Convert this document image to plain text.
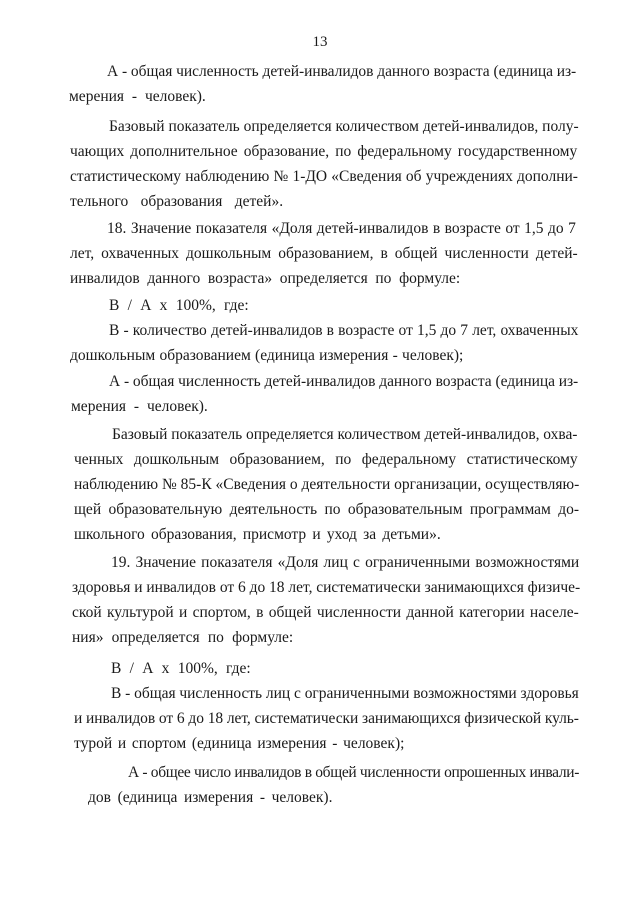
13
А - общая численность детей-инвалидов данного возраста (единица из-
мерения - человек).
Базовый показатель определяется количеством детей-инвалидов, полу-
чающих дополнительное образование, по федеральному государственному
статистическому наблюдению № 1-ДО «Сведения об учреждениях дополни-
тельного образования детей».
18. Значение показателя «Доля детей-инвалидов в возрасте от 1,5 до 7
лет, охваченных дошкольным образованием, в общей численности детей-
инвалидов данного возраста» определяется по формуле:
В / А х 100%, где:
В - количество детей-инвалидов в возрасте от 1,5 до 7 лет, охваченных
дошкольным образованием (единица измерения - человек);
А - общая численность детей-инвалидов данного возраста (единица из-
мерения - человек).
Базовый показатель определяется количеством детей-инвалидов, охва-
ченных дошкольным образованием, по федеральному статистическому
наблюдению № 85-К «Сведения о деятельности организации, осуществляю-
щей образовательную деятельность по образовательным программам до-
школьного образования, присмотр и уход за детьми».
19. Значение показателя «Доля лиц с ограниченными возможностями
здоровья и инвалидов от 6 до 18 лет, систематически занимающихся физиче-
ской культурой и спортом, в общей численности данной категории населе-
ния» определяется по формуле:
В / А х 100%, где:
В - общая численность лиц с ограниченными возможностями здоровья
и инвалидов от 6 до 18 лет, систематически занимающихся физической куль-
турой и спортом (единица измерения - человек);
А - общее число инвалидов в общей численности опрошенных инвали-
дов (единица измерения - человек).
